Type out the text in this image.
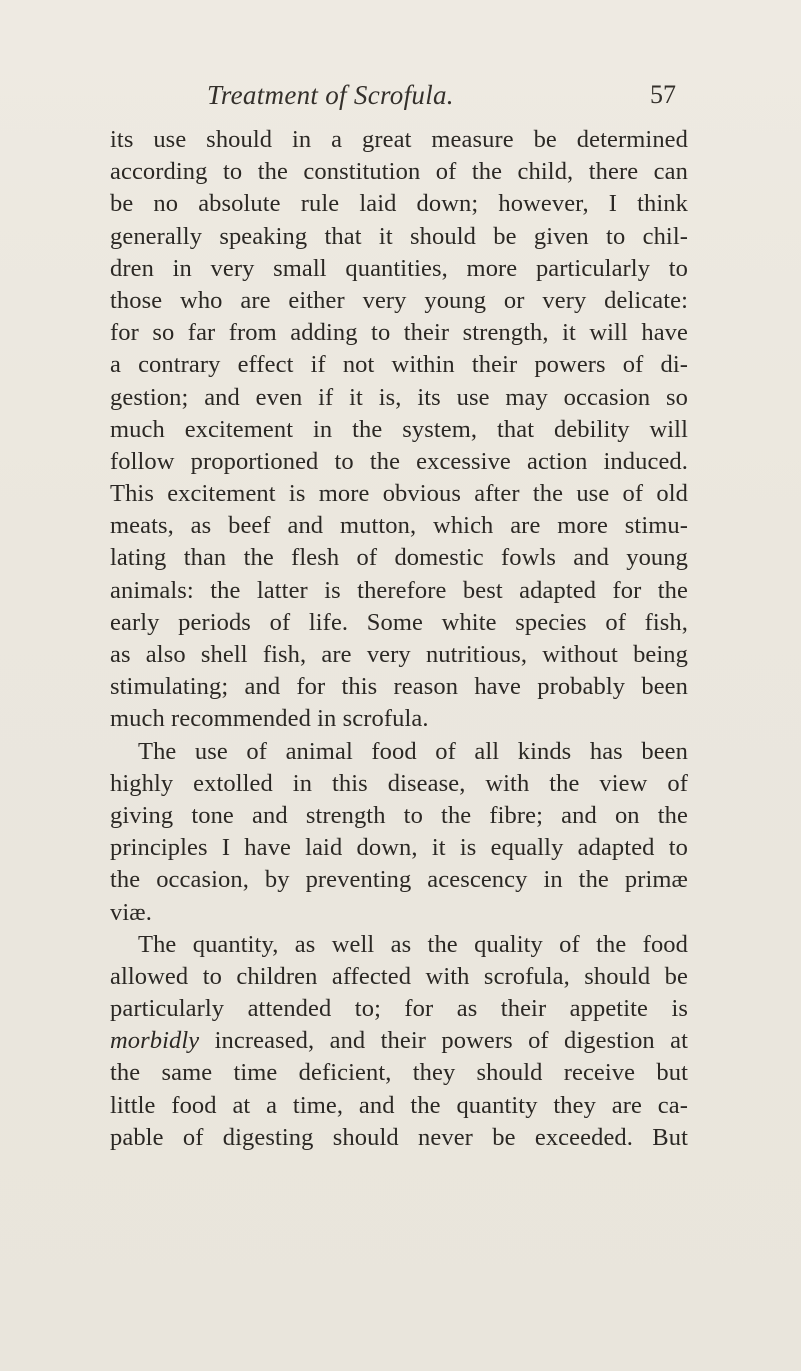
Treatment of Scrofula.	57
its use should in a great measure be determined
according to the constitution of the child, there can
be no absolute rule laid down; however, I think
generally speaking that it should be given to chil-
dren in very small quantities, more particularly to
those who are either very young or very delicate:
for so far from adding to their strength, it will have
a contrary effect if not within their powers of di-
gestion; and even if it is, its use may occasion so
much excitement in the system, that debility will
follow proportioned to the excessive action induced.
This excitement is more obvious after the use of old
meats, as beef and mutton, which are more stimu-
lating than the flesh of domestic fowls and young
animals: the latter is therefore best adapted for the
early periods of life. Some white species of fish,
as also shell fish, are very nutritious, without being
stimulating; and for this reason have probably been
much recommended in scrofula.
The use of animal food of all kinds has been
highly extolled in this disease, with the view of
giving tone and strength to the fibre; and on the
principles I have laid down, it is equally adapted to
the occasion, by preventing acescency in the primæ
viæ.
The quantity, as well as the quality of the food
allowed to children affected with scrofula, should be
particularly attended to; for as their appetite is
morbidly increased, and their powers of digestion at
the same time deficient, they should receive but
little food at a time, and the quantity they are ca-
pable of digesting should never be exceeded. But
